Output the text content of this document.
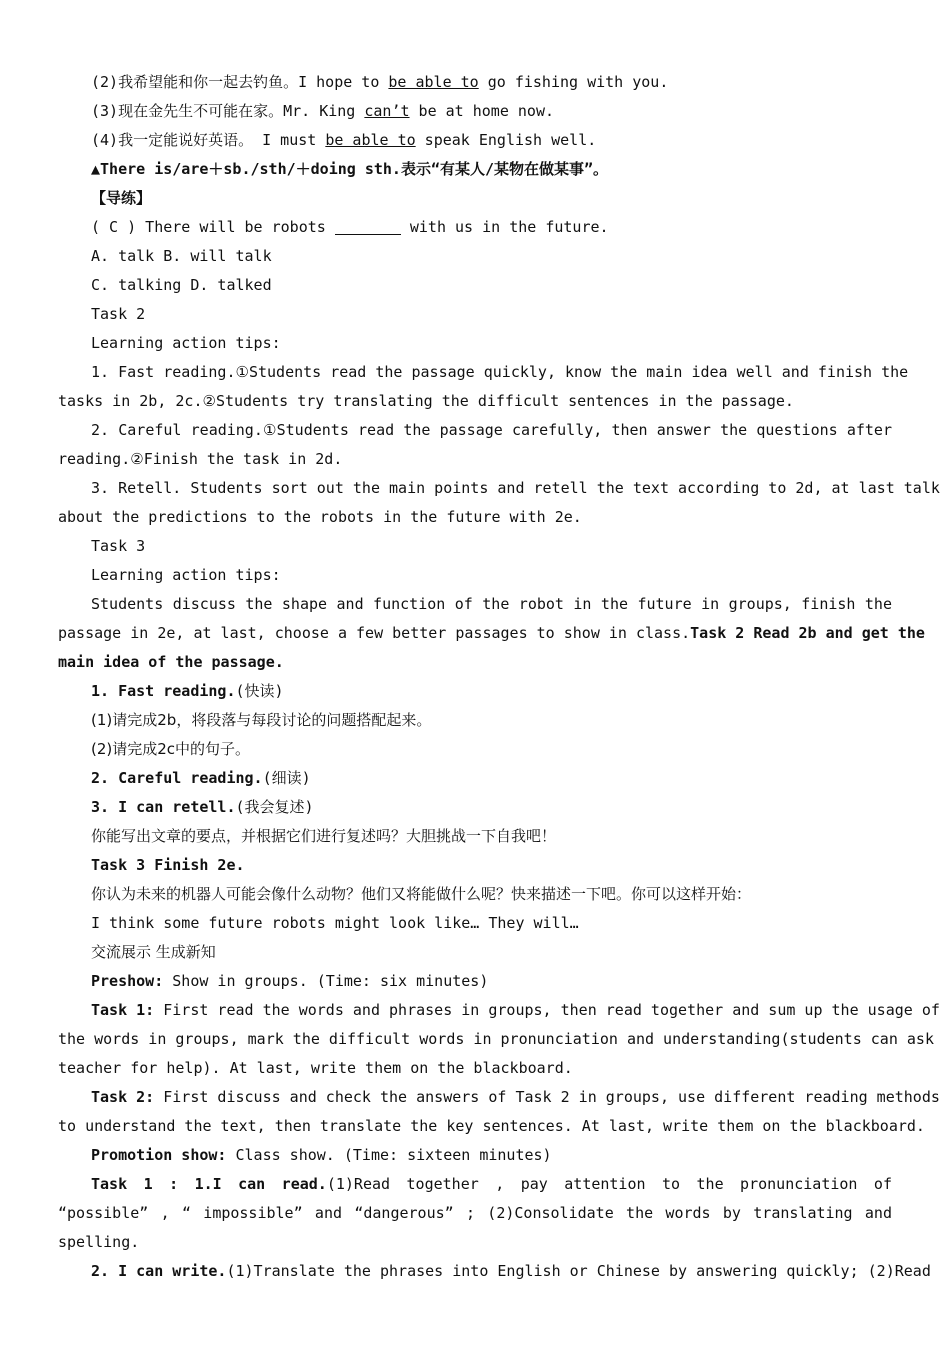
(2)我希望能和你一起去钓鱼。I hope to be able to go fishing with you.
(3)现在金先生不可能在家。Mr. King can’t be at home now.
(4)我一定能说好英语。 I must be able to speak English well.
▲There is/are＋sb./sth/＋doing sth.表示“有某人/某物在做某事”。
【导练】
( C ) There will be robots	with us in the future.
A. talk B. will talk
C. talking D. talked
Task 2
Learning action tips:
1. Fast reading.①Students read the passage quickly, know the main idea well and finish the
tasks in 2b, 2c.②Students try translating the difficult sentences in the passage.
2. Careful reading.①Students read the passage carefully, then answer the questions after
reading.②Finish the task in 2d.
3. Retell. Students sort out the main points and retell the text according to 2d, at last talk
about the predictions to the robots in the future with 2e.
Task 3
Learning action tips:
Students discuss the shape and function of the robot in the future in groups, finish the
passage in 2e, at last, choose a few better passages to show in class.Task 2 Read 2b and get the
main idea of the passage.
1. Fast reading.(快读)
(1)请完成2b，将段落与每段讨论的问题搭配起来。
(2)请完成2c中的句子。
2. Careful reading.(细读)
3. I can retell.(我会复述)
你能写出文章的要点，并根据它们进行复述吗？大胆挑战一下自我吧！
Task 3 Finish 2e.
你认为未来的机器人可能会像什么动物？他们又将能做什么呢？快来描述一下吧。你可以这样开始：
I think some future robots might look like… They will…
交流展示 生成新知
Preshow: Show in groups. (Time: six minutes)
Task 1: First read the words and phrases in groups, then read together and sum up the usage of
the words in groups, mark the difficult words in pronunciation and understanding(students can ask
teacher for help). At last, write them on the blackboard.
Task 2: First discuss and check the answers of Task 2 in groups, use different reading methods
to understand the text, then translate the key sentences. At last, write them on the blackboard.
Promotion show: Class show. (Time: sixteen minutes)
Task 1 : 1.I can read.(1)Read together , pay attention to the pronunciation of
“possible” , “ impossible” and “dangerous” ; (2)Consolidate the words by translating and
spelling.
2. I can write.(1)Translate the phrases into English or Chinese by answering quickly; (2)Read
